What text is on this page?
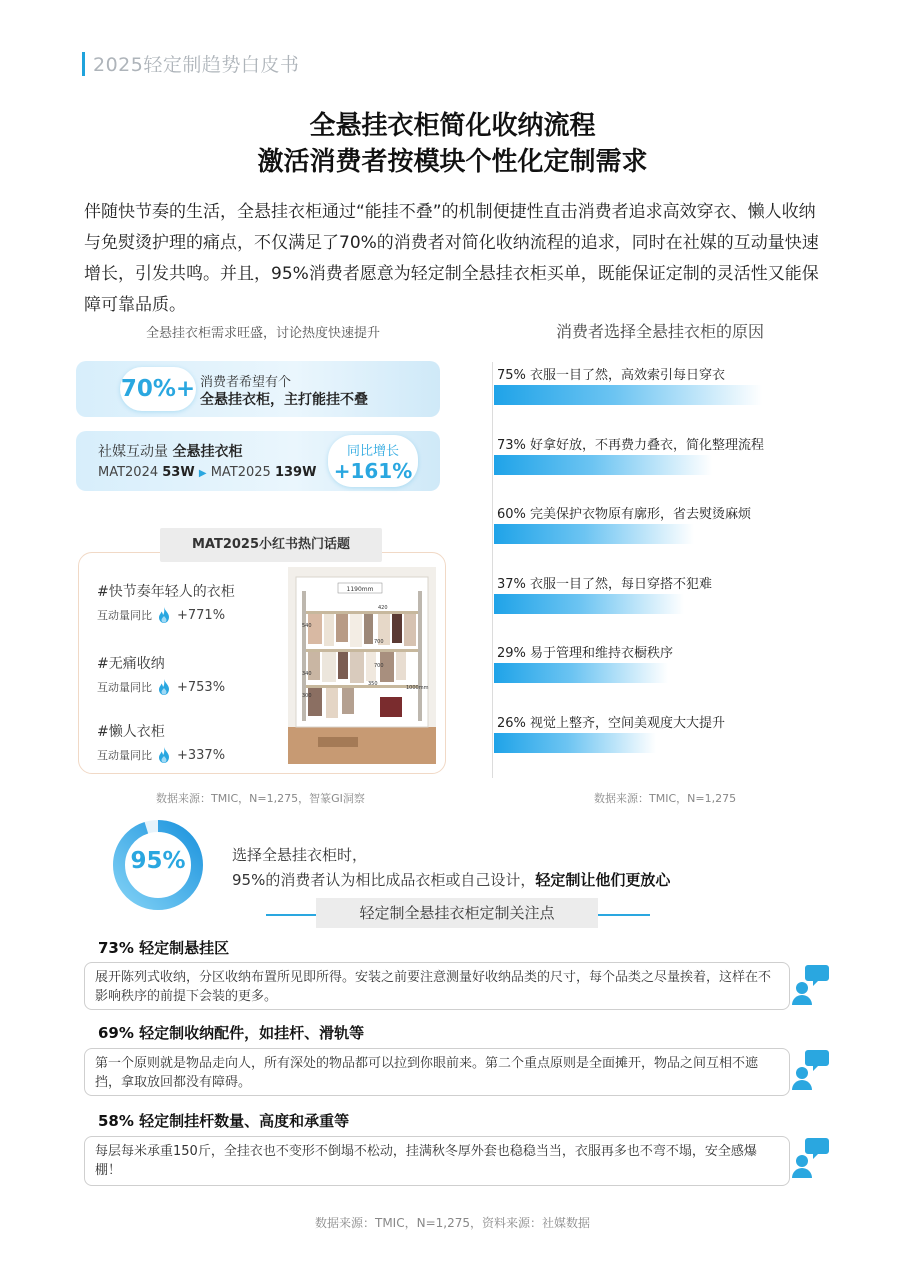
2025轻定制趋势白皮书
全悬挂衣柜简化收纳流程
激活消费者按模块个性化定制需求
伴随快节奏的生活，全悬挂衣柜通过“能挂不叠”的机制便捷性直击消费者追求高效穿衣、懒人收纳与免熨烫护理的痛点，不仅满足了70%的消费者对简化收纳流程的追求，同时在社媒的互动量快速增长，引发共鸣。并且，95%消费者愿意为轻定制全悬挂衣柜买单，既能保证定制的灵活性又能保障可靠品质。
全悬挂衣柜需求旺盛，讨论热度快速提升
70%+ 消费者希望有个
全悬挂衣柜，主打能挂不叠
社媒互动量 全悬挂衣柜
MAT2024 53W ▶ MAT2025 139W
同比增长
+161%
#快节奏年轻人的衣柜
互动量同比 +771%
#无痛收纳
互动量同比 +753%
#懒人衣柜
互动量同比 +337%
1190mm
540
420
700
700
340
300
350
1000mm
MAT2025小红书热门话题
数据来源：TMIC，N=1,275，智篆GI洞察
消费者选择全悬挂衣柜的原因
75% 衣服一目了然，高效索引每日穿衣
73% 好拿好放，不再费力叠衣，简化整理流程
60% 完美保护衣物原有廓形，省去熨烫麻烦
37% 衣服一目了然，每日穿搭不犯难
29% 易于管理和维持衣橱秩序
26% 视觉上整齐，空间美观度大大提升
数据来源：TMIC，N=1,275
95%	选择全悬挂衣柜时，
95%的消费者认为相比成品衣柜或自己设计，轻定制让他们更放心
轻定制全悬挂衣柜定制关注点
73% 轻定制悬挂区
展开陈列式收纳，分区收纳布置所见即所得。安装之前要注意测量好收纳品类的尺寸，每个品类之尽量挨着，这样在不影响秩序的前提下会装的更多。
69% 轻定制收纳配件，如挂杆、滑轨等
第一个原则就是物品走向人，所有深处的物品都可以拉到你眼前来。第二个重点原则是全面摊开，物品之间互相不遮挡，拿取放回都没有障碍。
58% 轻定制挂杆数量、高度和承重等
每层每米承重150斤，全挂衣也不变形不倒塌不松动，挂满秋冬厚外套也稳稳当当，衣服再多也不弯不塌，安全感爆棚！
数据来源：TMIC，N=1,275，资料来源：社媒数据
